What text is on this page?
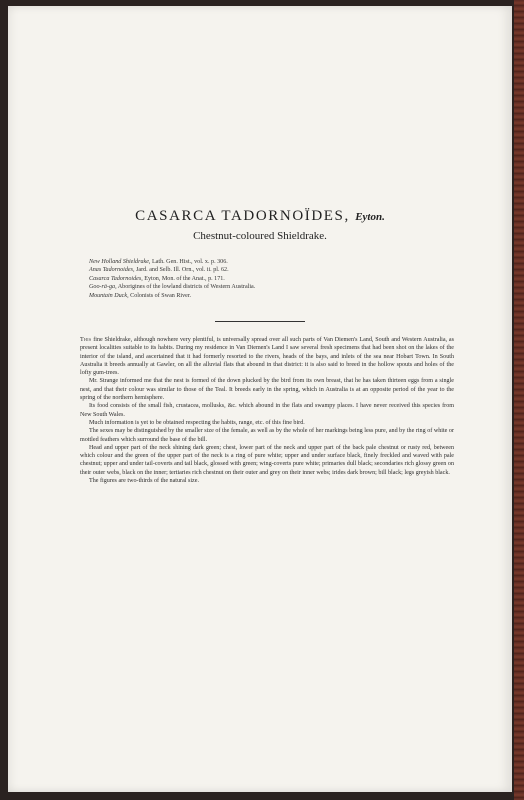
CASARCA TADORNOÏDES, Eyton.
Chestnut-coloured Shieldrake.
New Holland Shieldrake, Lath. Gen. Hist., vol. x. p. 306.
Anas Tadornoides, Jard. and Selb. Ill. Orn., vol. ii. pl. 62.
Casarca Tadornoides, Eyton, Mon. of the Anat., p. 171.
Goo-rā-ga, Aborigines of the lowland districts of Western Australia.
Mountain Duck, Colonists of Swan River.

This fine Shieldrake, although nowhere very plentiful, is universally spread over all such parts of Van Diemen's Land, South and Western Australia, as present localities suitable to its habits. During my residence in Van Diemen's Land I saw several fresh specimens that had been shot on the lakes of the interior of the island, and ascertained that it had formerly resorted to the rivers, heads of the bays, and inlets of the sea near Hobart Town. In South Australia it breeds annually at Gawler, on all the alluvial flats that abound in that district: it is also said to breed in the hollow spouts and holes of the lofty gum-trees.

Mr. Strange informed me that the nest is formed of the down plucked by the bird from its own breast, that he has taken thirteen eggs from a single nest, and that their colour was similar to those of the Teal. It breeds early in the spring, which in Australia is at an opposite period of the year to the spring of the northern hemisphere.

Its food consists of the small fish, crustacea, mollusks, &c. which abound in the flats and swampy places. I have never received this species from New South Wales.

Much information is yet to be obtained respecting the habits, range, etc. of this fine bird.

The sexes may be distinguished by the smaller size of the female, as well as by the whole of her markings being less pure, and by the ring of white or mottled feathers which surround the base of the bill.

Head and upper part of the neck shining dark green; chest, lower part of the neck and upper part of the back pale chestnut or rusty red, between which colour and the green of the upper part of the neck is a ring of pure white; upper and under surface black, finely freckled and waved with pale chestnut; upper and under tail-coverts and tail black, glossed with green; wing-coverts pure white; primaries dull black; secondaries rich glossy green on their outer webs, black on the inner; tertiaries rich chestnut on their outer and grey on their inner webs; irides dark brown; bill black; legs greyish black.

The figures are two-thirds of the natural size.
